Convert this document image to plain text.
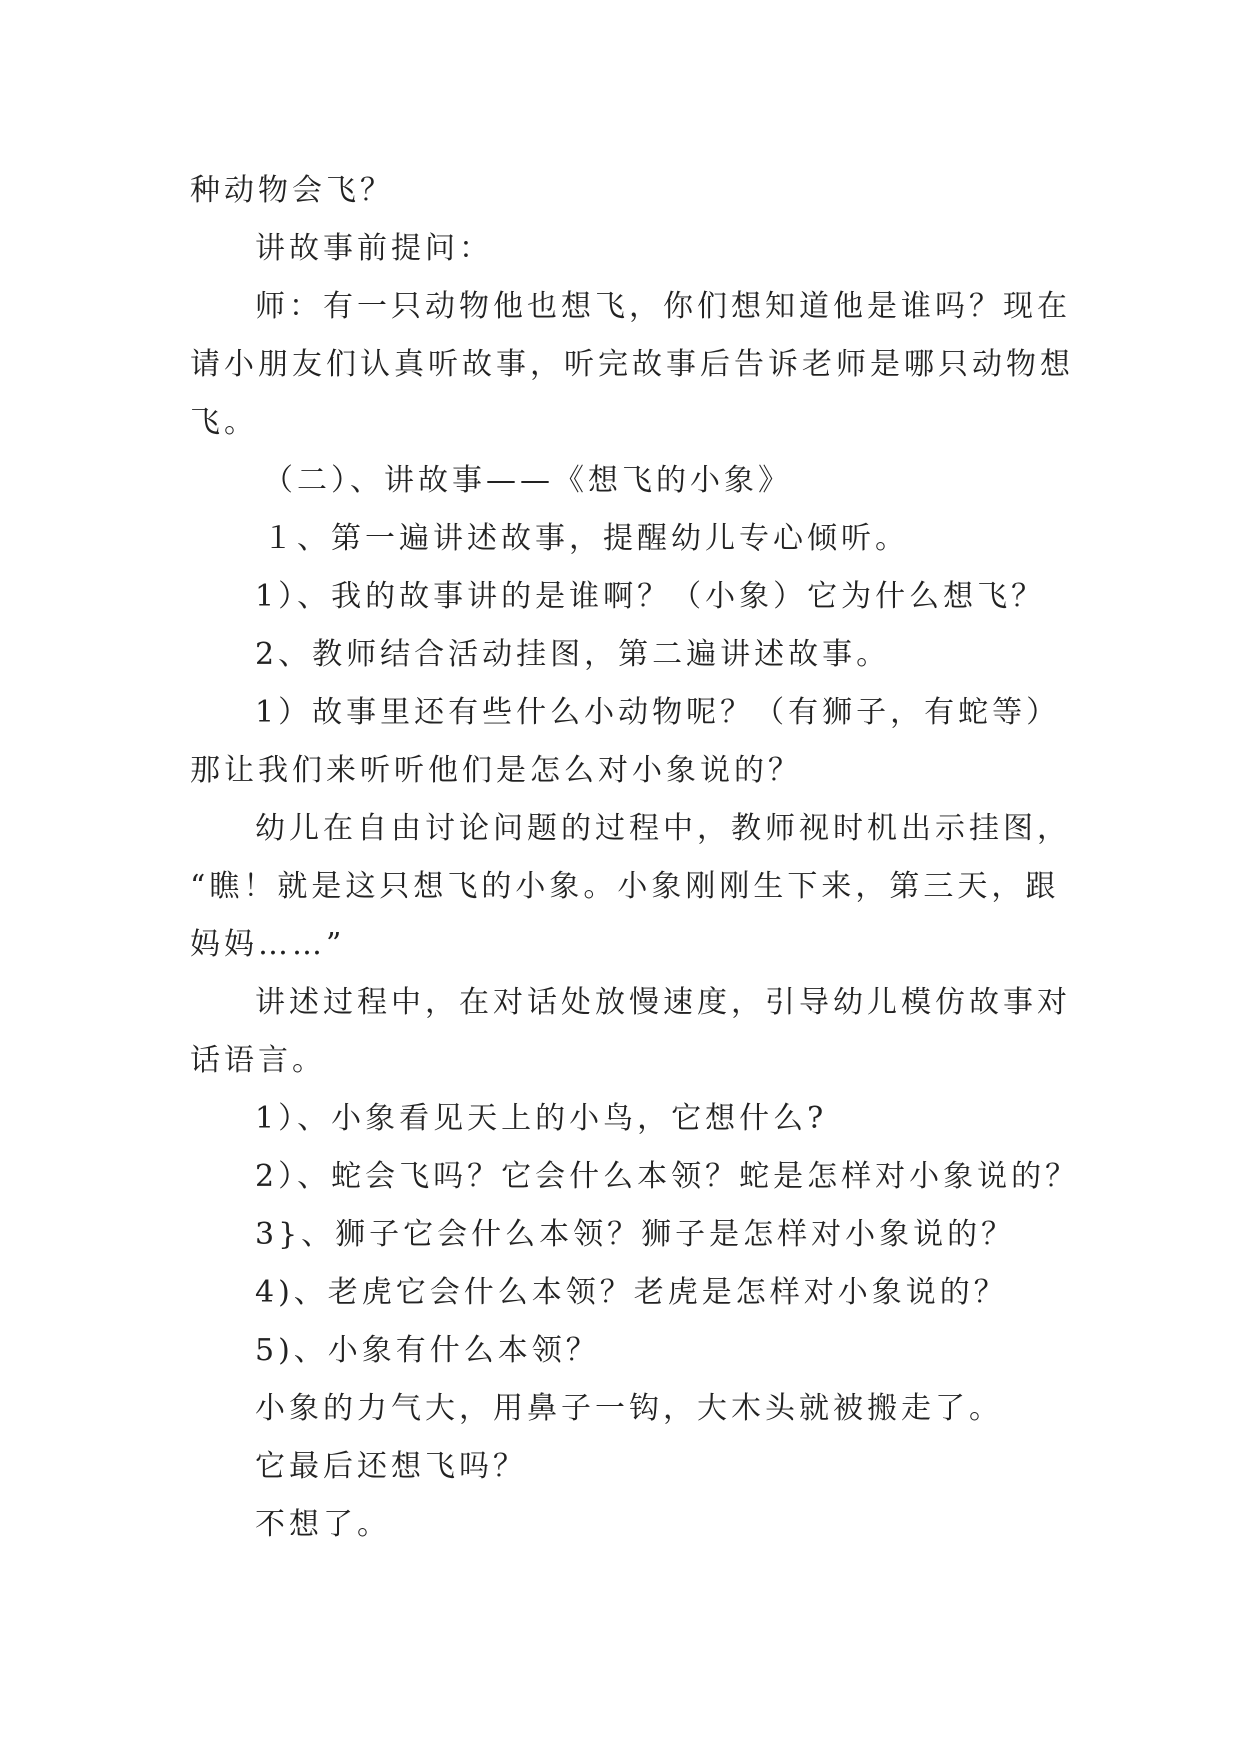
种动物会飞？
讲故事前提问：
师：有一只动物他也想飞，你们想知道他是谁吗？现在
请小朋友们认真听故事，听完故事后告诉老师是哪只动物想
飞。
（二）、讲故事——《想飞的小象》
１、第一遍讲述故事，提醒幼儿专心倾听。
1）、我的故事讲的是谁啊？（小象）它为什么想飞？
2、教师结合活动挂图，第二遍讲述故事。
1）故事里还有些什么小动物呢？（有狮子，有蛇等）
那让我们来听听他们是怎么对小象说的？
幼儿在自由讨论问题的过程中，教师视时机出示挂图，
“瞧！就是这只想飞的小象。小象刚刚生下来，第三天，跟
妈妈……”
讲述过程中，在对话处放慢速度，引导幼儿模仿故事对
话语言。
1）、小象看见天上的小鸟，它想什么?
2）、蛇会飞吗？它会什么本领？蛇是怎样对小象说的？
3}、狮子它会什么本领？狮子是怎样对小象说的？
4)、老虎它会什么本领？老虎是怎样对小象说的？
5)、小象有什么本领？
小象的力气大，用鼻子一钩，大木头就被搬走了。
它最后还想飞吗？
不想了。
